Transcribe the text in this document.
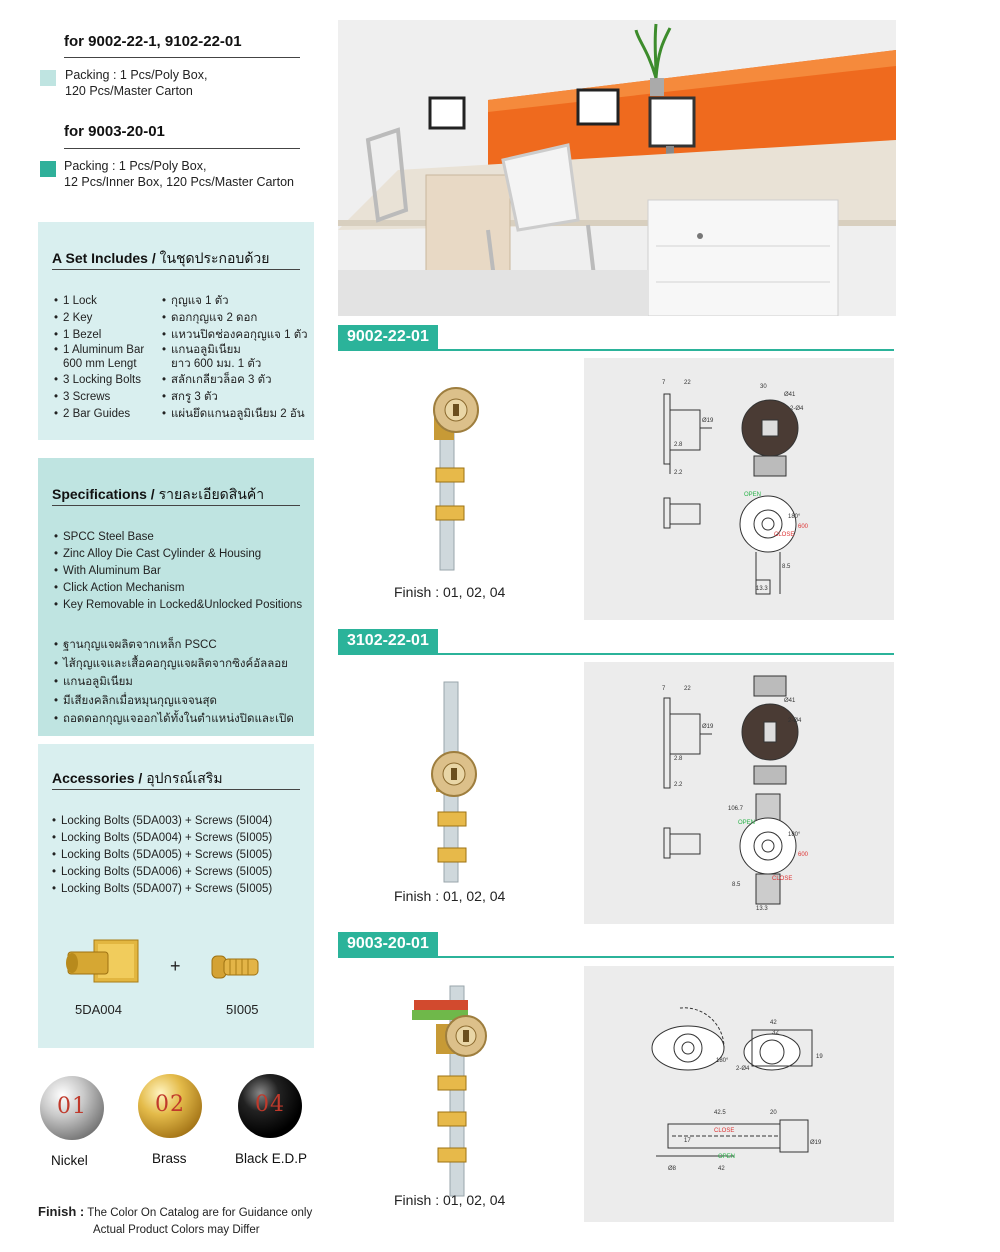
for 9002-22-1, 9102-22-01
Packing : 1 Pcs/Poly Box,
120 Pcs/Master Carton
for 9003-20-01
Packing : 1 Pcs/Poly Box,
12 Pcs/Inner Box, 120 Pcs/Master Carton
A Set Includes / ในชุดประกอบด้วย
• 1 Lock
• 2 Key
• 1 Bezel
• 1 Aluminum Bar
600 mm Lengt
• 3 Locking Bolts
• 3 Screws
• 2 Bar Guides
• กุญแจ 1 ตัว
• ดอกกุญแจ 2 ดอก
• แหวนปิดช่องคอกุญแจ 1 ตัว
• แกนอลูมิเนียม
ยาว 600 มม. 1 ตัว
• สลักเกลียวล็อค 3 ตัว
• สกรู 3 ตัว
• แผ่นยึดแกนอลูมิเนียม 2 อัน
Specifications / รายละเอียดสินค้า
• SPCC Steel Base
• Zinc Alloy Die Cast Cylinder & Housing
• With Aluminum Bar
• Click Action Mechanism
• Key Removable in Locked&Unlocked Positions
• ฐานกุญแจผลิตจากเหล็ก PSCC
• ไส้กุญแจและเสื้อคอกุญแจผลิตจากซิงค์อัลลอย
• แกนอลูมิเนียม
• มีเสียงคลิกเมื่อหมุนกุญแจจนสุด
• ถอดดอกกุญแจออกได้ทั้งในตำแหน่งปิดและเปิด
Accessories / อุปกรณ์เสริม
• Locking Bolts (5DA003) + Screws (5I004)
• Locking Bolts (5DA004) + Screws (5I005)
• Locking Bolts (5DA005) + Screws (5I005)
• Locking Bolts (5DA006) + Screws (5I005)
• Locking Bolts (5DA007) + Screws (5I005)
+
5DA004	5I005
01
Nickel
02
Brass
04
Black E.D.P
Finish : The Color On Catalog are for Guidance only
Actual Product Colors may Differ
9002-22-01
Finish : 01, 02, 04
7	22
Ø19
2.8
2.2
30
Ø41
2-Ø4
OPEN
CLOSE
180°
600
8.5
13.3
3102-22-01
Finish : 01, 02, 04
7	22
Ø19
2.8
2.2
Ø41
2-Ø4
106.7
OPEN
180°
600
CLOSE
8.5
13.3
9003-20-01
Finish : 01, 02, 04
42
32
19
180°
2-Ø4
42.5	20
CLOSE
17
OPEN
Ø19
Ø8	42
